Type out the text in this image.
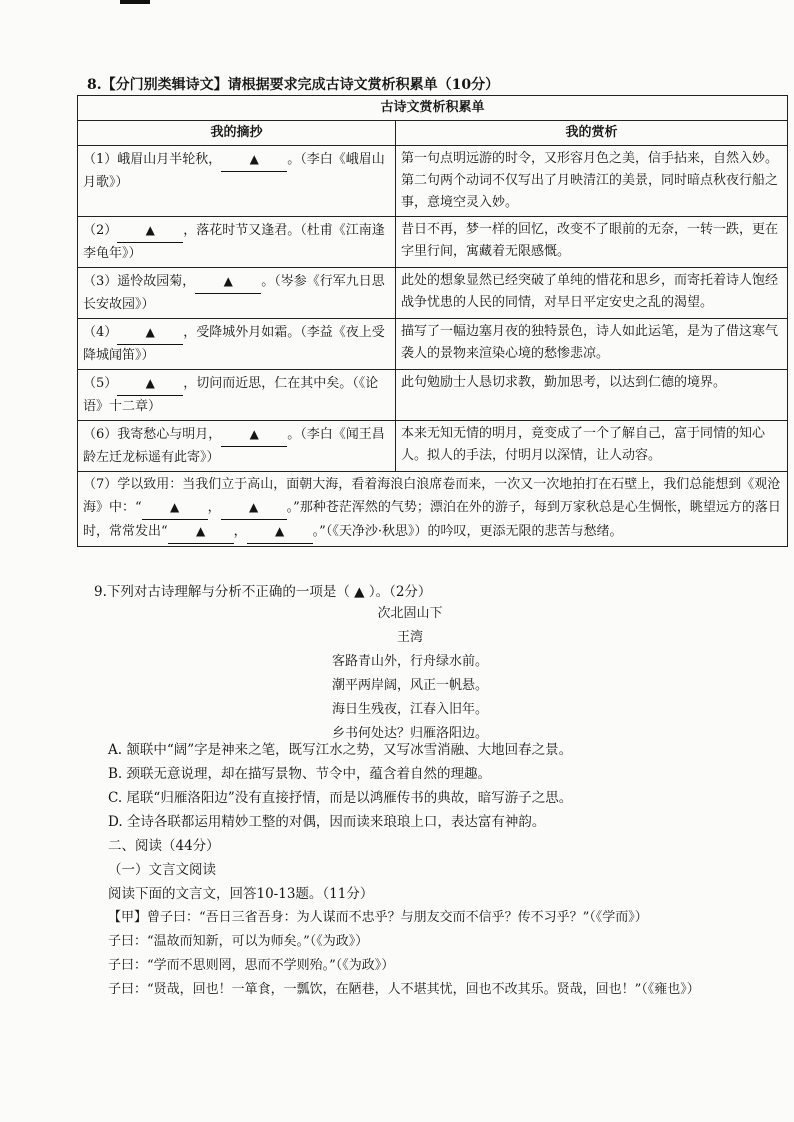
8.【分门别类辑诗文】请根据要求完成古诗文赏析积累单（10分）
古诗文赏析积累单	
我的摘抄	我的赏析
（1）峨眉山月半轮秋， ▲ 。（李白《峨眉山月歌》）	第一句点明远游的时令，又形容月色之美，信手拈来，自然入妙。第二句两个动词不仅写出了月映清江的美景，同时暗点秋夜行船之事，意境空灵入妙。
（2） ▲ ，落花时节又逢君。（杜甫《江南逢李龟年》）	昔日不再，梦一样的回忆，改变不了眼前的无奈，一转一跌，更在字里行间，寓藏着无限感慨。
（3）遥怜故园菊， ▲ 。（岑参《行军九日思长安故园》）	此处的想象显然已经突破了单纯的惜花和思乡，而寄托着诗人饱经战争忧患的人民的同情，对早日平定安史之乱的渴望。
（4） ▲ ，受降城外月如霜。（李益《夜上受降城闻笛》）	描写了一幅边塞月夜的独特景色，诗人如此运笔，是为了借这寒气袭人的景物来渲染心境的愁惨悲凉。
（5） ▲ ，切问而近思，仁在其中矣。（《论语》十二章）	此句勉励士人恳切求教，勤加思考，以达到仁德的境界。
（6）我寄愁心与明月， ▲ 。（李白《闻王昌龄左迁龙标遥有此寄》）	本来无知无情的明月，竟变成了一个了解自己，富于同情的知心人。拟人的手法，付明月以深情，让人动容。
（7）学以致用：当我们立于高山，面朝大海，看着海浪白浪席卷而来，一次又一次地拍打在石壁上，我们总能想到《观沧海》中：“ ▲ ， ▲ 。”那种苍茫浑然的气势；漂泊在外的游子，每到万家秋总是心生惆怅，眺望远方的落日时，常常发出“ ▲ ， ▲ 。”（《天净沙·秋思》）的吟叹，更添无限的悲苦与愁绪。	
9.下列对古诗理解与分析不正确的一项是（ ▲ ）。（2分）
次北固山下
王湾
客路青山外，行舟绿水前。
潮平两岸阔，风正一帆悬。
海日生残夜，江春入旧年。
乡书何处达？归雁洛阳边。
A. 颔联中“阔”字是神来之笔，既写江水之势，又写冰雪消融、大地回春之景。
B. 颈联无意说理，却在描写景物、节令中，蕴含着自然的理趣。
C. 尾联“归雁洛阳边”没有直接抒情，而是以鸿雁传书的典故，暗写游子之思。
D. 全诗各联都运用精妙工整的对偶，因而读来琅琅上口，表达富有神韵。
二、阅读（44分）
（一）文言文阅读
阅读下面的文言文，回答10-13题。（11分）
【甲】曾子曰：“吾日三省吾身：为人谋而不忠乎？与朋友交而不信乎？传不习乎？”（《学而》）
子曰：“温故而知新，可以为师矣。”（《为政》）
子曰：“学而不思则罔，思而不学则殆。”（《为政》）
子曰：“贤哉，回也！一箪食，一瓢饮，在陋巷，人不堪其忧，回也不改其乐。贤哉，回也！”（《雍也》）
